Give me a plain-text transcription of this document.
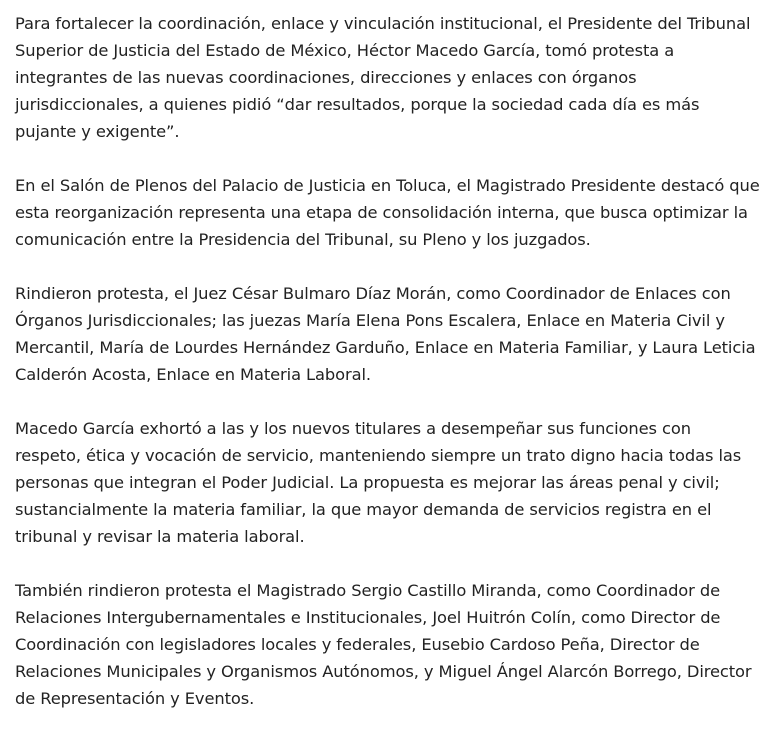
Para fortalecer la coordinación, enlace y vinculación institucional, el Presidente del Tribunal Superior de Justicia del Estado de México, Héctor Macedo García, tomó protesta a integrantes de las nuevas coordinaciones, direcciones y enlaces con órganos jurisdiccionales, a quienes pidió “dar resultados, porque la sociedad cada día es más pujante y exigente”.

En el Salón de Plenos del Palacio de Justicia en Toluca, el Magistrado Presidente destacó que esta reorganización representa una etapa de consolidación interna, que busca optimizar la comunicación entre la Presidencia del Tribunal, su Pleno y los juzgados.

Rindieron protesta, el Juez César Bulmaro Díaz Morán, como Coordinador de Enlaces con Órganos Jurisdiccionales; las juezas María Elena Pons Escalera, Enlace en Materia Civil y Mercantil, María de Lourdes Hernández Garduño, Enlace en Materia Familiar, y Laura Leticia Calderón Acosta, Enlace en Materia Laboral.

Macedo García exhortó a las y los nuevos titulares a desempeñar sus funciones con respeto, ética y vocación de servicio, manteniendo siempre un trato digno hacia todas las personas que integran el Poder Judicial. La propuesta es mejorar las áreas penal y civil; sustancialmente la materia familiar, la que mayor demanda de servicios registra en el tribunal y revisar la materia laboral.

También rindieron protesta el Magistrado Sergio Castillo Miranda, como Coordinador de Relaciones Intergubernamentales e Institucionales, Joel Huitrón Colín, como Director de Coordinación con legisladores locales y federales, Eusebio Cardoso Peña, Director de Relaciones Municipales y Organismos Autónomos, y Miguel Ángel Alarcón Borrego, Director de Representación y Eventos.
